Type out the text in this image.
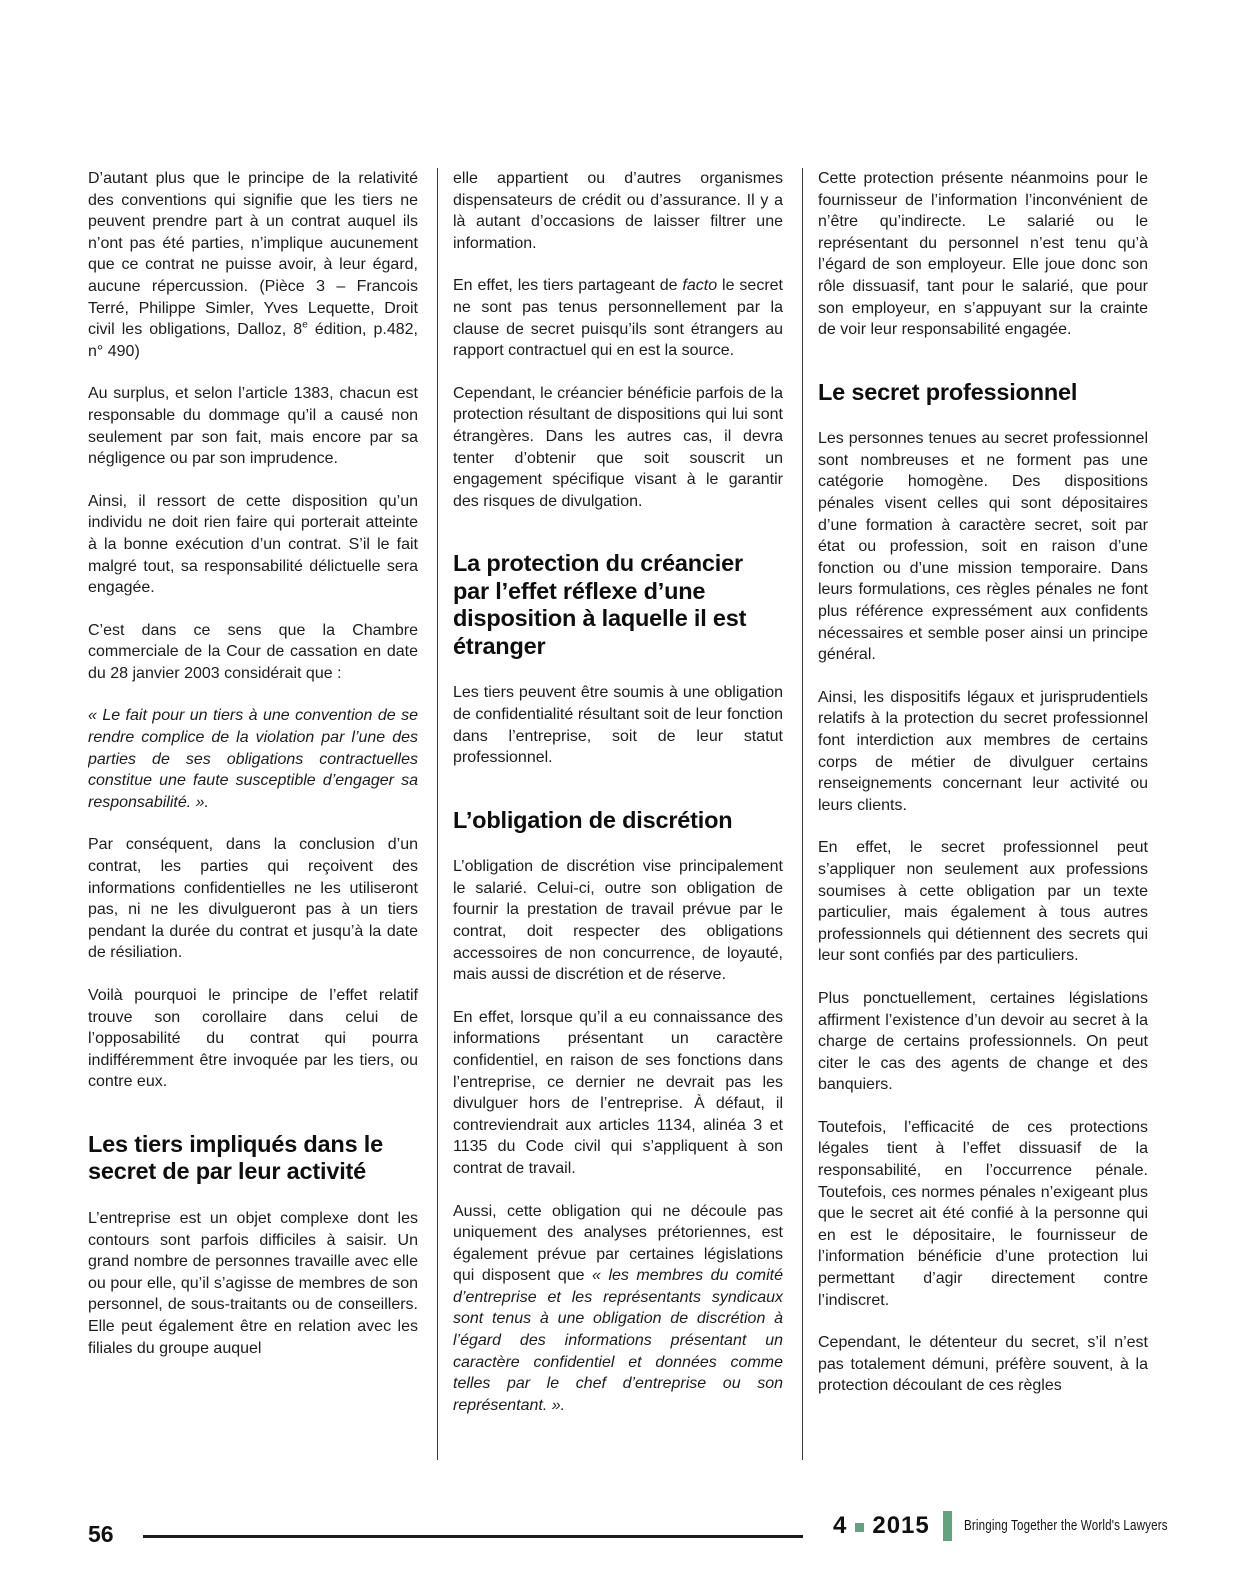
D’autant plus que le principe de la relativité des conventions qui signifie que les tiers ne peuvent prendre part à un contrat auquel ils n’ont pas été parties, n’implique aucunement que ce contrat ne puisse avoir, à leur égard, aucune répercussion. (Pièce 3 – Francois Terré, Philippe Simler, Yves Lequette, Droit civil les obligations, Dalloz, 8e édition, p.482, n° 490)

Au surplus, et selon l’article 1383, chacun est responsable du dommage qu’il a causé non seulement par son fait, mais encore par sa négligence ou par son imprudence.

Ainsi, il ressort de cette disposition qu’un individu ne doit rien faire qui porterait atteinte à la bonne exécution d’un contrat. S’il le fait malgré tout, sa responsabilité délictuelle sera engagée.

C’est dans ce sens que la Chambre commerciale de la Cour de cassation en date du 28 janvier 2003 considérait que :

« Le fait pour un tiers à une convention de se rendre complice de la violation par l’une des parties de ses obligations contractuelles constitue une faute susceptible d’engager sa responsabilité. ».

Par conséquent, dans la conclusion d’un contrat, les parties qui reçoivent des informations confidentielles ne les utiliseront pas, ni ne les divulgueront pas à un tiers pendant la durée du contrat et jusqu’à la date de résiliation.

Voilà pourquoi le principe de l’effet relatif trouve son corollaire dans celui de l’opposabilité du contrat qui pourra indifféremment être invoquée par les tiers, ou contre eux.

Les tiers impliqués dans le secret de par leur activité

L’entreprise est un objet complexe dont les contours sont parfois difficiles à saisir. Un grand nombre de personnes travaille avec elle ou pour elle, qu’il s’agisse de membres de son personnel, de sous-traitants ou de conseillers. Elle peut également être en relation avec les filiales du groupe auquel

elle appartient ou d’autres organismes dispensateurs de crédit ou d’assurance. Il y a là autant d’occasions de laisser filtrer une information.

En effet, les tiers partageant de facto le secret ne sont pas tenus personnellement par la clause de secret puisqu’ils sont étrangers au rapport contractuel qui en est la source.

Cependant, le créancier bénéficie parfois de la protection résultant de dispositions qui lui sont étrangères. Dans les autres cas, il devra tenter d’obtenir que soit souscrit un engagement spécifique visant à le garantir des risques de divulgation.

La protection du créancier par l’effet réflexe d’une disposition à laquelle il est étranger

Les tiers peuvent être soumis à une obligation de confidentialité résultant soit de leur fonction dans l’entreprise, soit de leur statut professionnel.

L’obligation de discrétion

L’obligation de discrétion vise principalement le salarié. Celui-ci, outre son obligation de fournir la prestation de travail prévue par le contrat, doit respecter des obligations accessoires de non concurrence, de loyauté, mais aussi de discrétion et de réserve.

En effet, lorsque qu’il a eu connaissance des informations présentant un caractère confidentiel, en raison de ses fonctions dans l’entreprise, ce dernier ne devrait pas les divulguer hors de l’entreprise. À défaut, il contreviendrait aux articles 1134, alinéa 3 et 1135 du Code civil qui s’appliquent à son contrat de travail.

Aussi, cette obligation qui ne découle pas uniquement des analyses prétoriennes, est également prévue par certaines législations qui disposent que « les membres du comité d’entreprise et les représentants syndicaux sont tenus à une obligation de discrétion à l’égard des informations présentant un caractère confidentiel et données comme telles par le chef d’entreprise ou son représentant. ».

Cette protection présente néanmoins pour le fournisseur de l’information l’inconvénient de n’être qu’indirecte. Le salarié ou le représentant du personnel n’est tenu qu’à l’égard de son employeur. Elle joue donc son rôle dissuasif, tant pour le salarié, que pour son employeur, en s’appuyant sur la crainte de voir leur responsabilité engagée.

Le secret professionnel

Les personnes tenues au secret professionnel sont nombreuses et ne forment pas une catégorie homogène. Des dispositions pénales visent celles qui sont dépositaires d’une formation à caractère secret, soit par état ou profession, soit en raison d’une fonction ou d’une mission temporaire. Dans leurs formulations, ces règles pénales ne font plus référence expressément aux confidents nécessaires et semble poser ainsi un principe général.

Ainsi, les dispositifs légaux et jurisprudentiels relatifs à la protection du secret professionnel font interdiction aux membres de certains corps de métier de divulguer certains renseignements concernant leur activité ou leurs clients.

En effet, le secret professionnel peut s’appliquer non seulement aux professions soumises à cette obligation par un texte particulier, mais également à tous autres professionnels qui détiennent des secrets qui leur sont confiés par des particuliers.

Plus ponctuellement, certaines législations affirment l’existence d’un devoir au secret à la charge de certains professionnels. On peut citer le cas des agents de change et des banquiers.

Toutefois, l’efficacité de ces protections légales tient à l’effet dissuasif de la responsabilité, en l’occurrence pénale. Toutefois, ces normes pénales n’exigeant plus que le secret ait été confié à la personne qui en est le dépositaire, le fournisseur de l’information bénéficie d’une protection lui permettant d’agir directement contre l’indiscret.

Cependant, le détenteur du secret, s’il n’est pas totalement démuni, préfère souvent, à la protection découlant de ces règles

56	4 2015 Bringing Together the World's Lawyers
